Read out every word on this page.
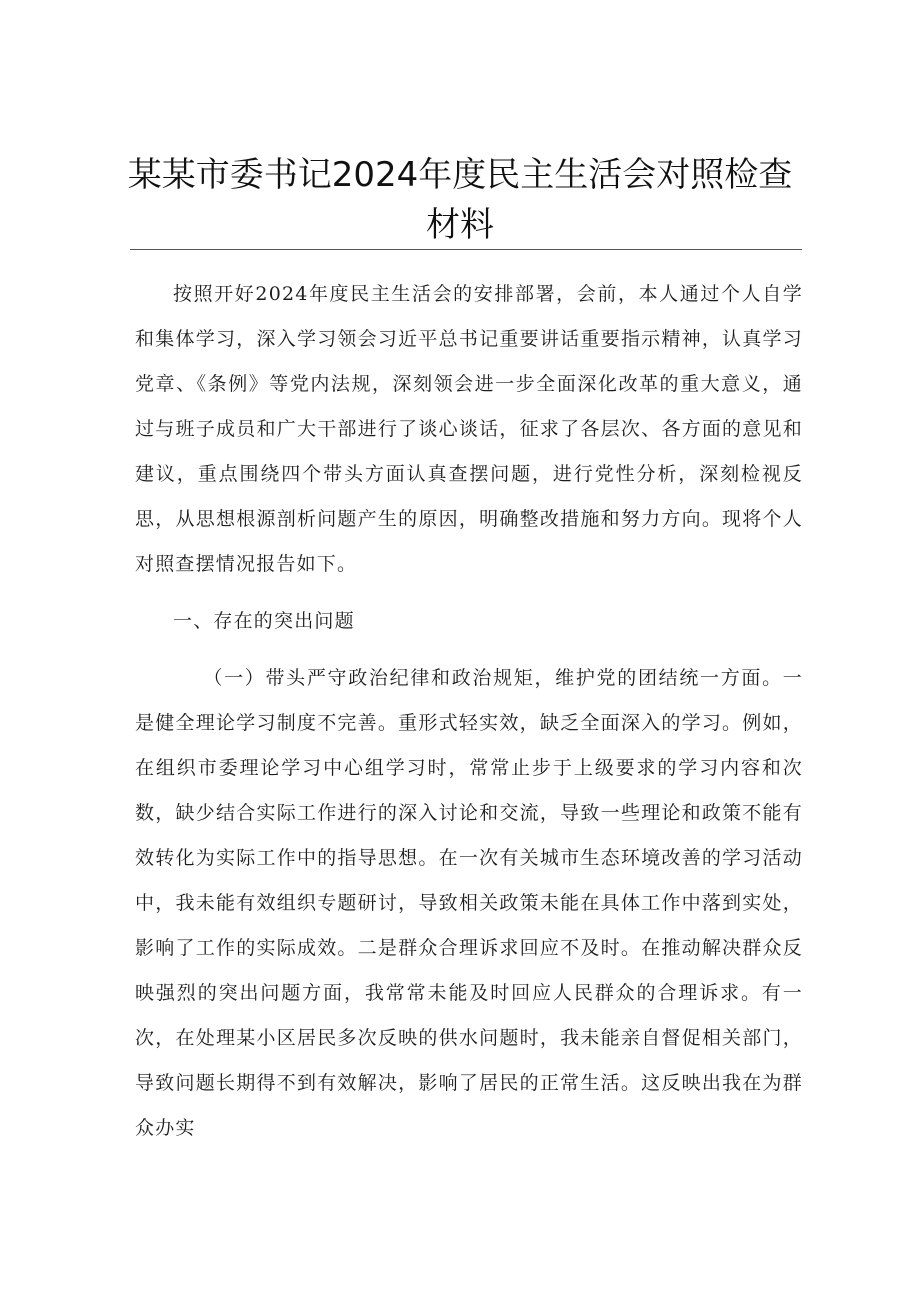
某某市委书记2024年度民主生活会对照检查
材料

按照开好2024年度民主生活会的安排部署，会前，本人通过个人自学和集体学习，深入学习领会习近平总书记重要讲话重要指示精神，认真学习党章、《条例》等党内法规，深刻领会进一步全面深化改革的重大意义，通过与班子成员和广大干部进行了谈心谈话，征求了各层次、各方面的意见和建议，重点围绕四个带头方面认真查摆问题，进行党性分析，深刻检视反思，从思想根源剖析问题产生的原因，明确整改措施和努力方向。现将个人对照查摆情况报告如下。

一、存在的突出问题

（一）带头严守政治纪律和政治规矩，维护党的团结统一方面。一是健全理论学习制度不完善。重形式轻实效，缺乏全面深入的学习。例如，在组织市委理论学习中心组学习时，常常止步于上级要求的学习内容和次数，缺少结合实际工作进行的深入讨论和交流，导致一些理论和政策不能有效转化为实际工作中的指导思想。在一次有关城市生态环境改善的学习活动中，我未能有效组织专题研讨，导致相关政策未能在具体工作中落到实处，影响了工作的实际成效。二是群众合理诉求回应不及时。在推动解决群众反映强烈的突出问题方面，我常常未能及时回应人民群众的合理诉求。有一次，在处理某小区居民多次反映的供水问题时，我未能亲自督促相关部门，导致问题长期得不到有效解决，影响了居民的正常生活。这反映出我在为群众办实
